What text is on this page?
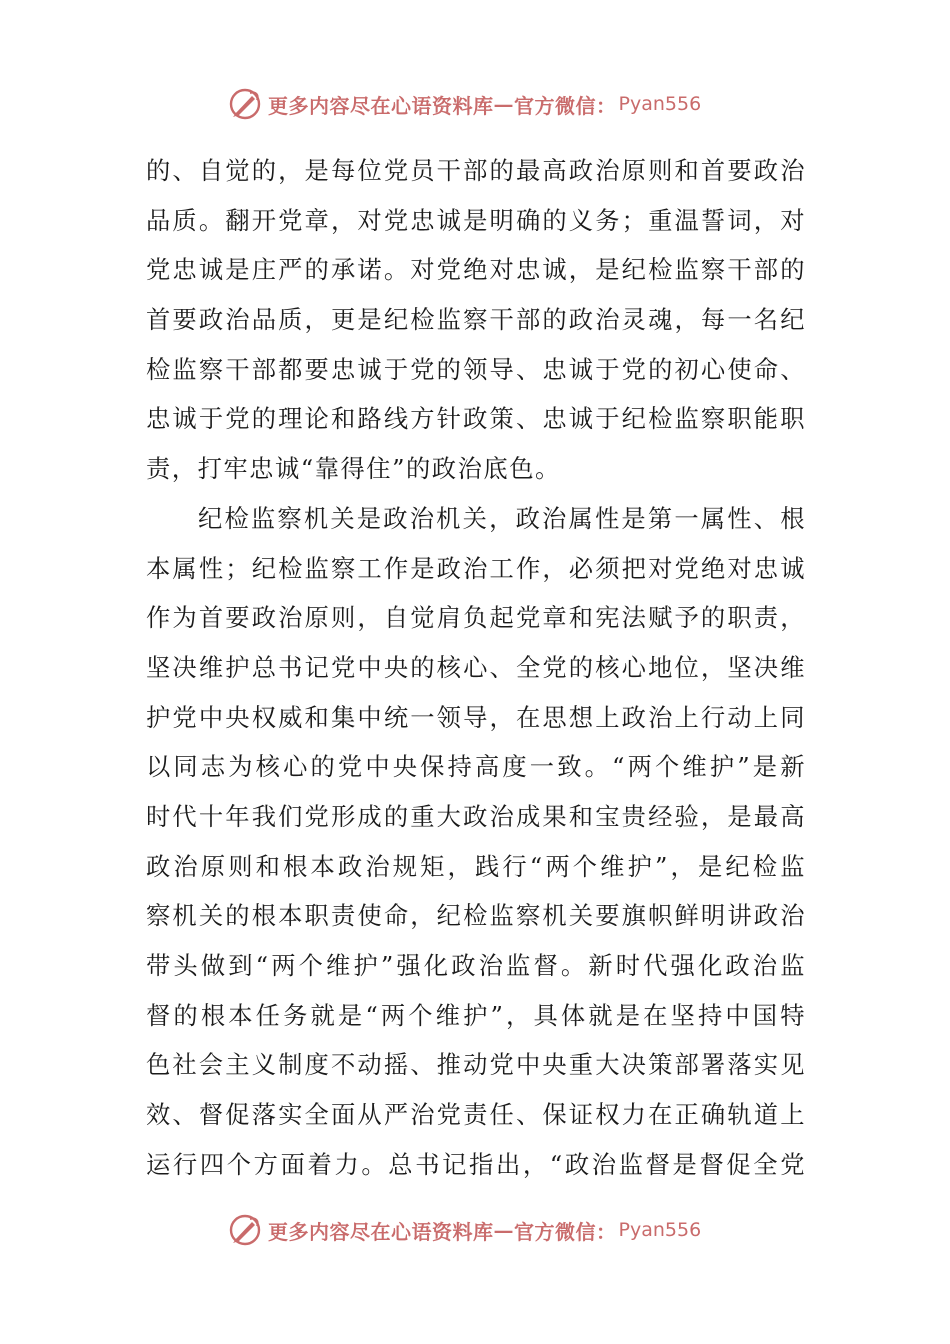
更多内容尽在心语资料库 — 官方微信： Pyan556
的、自觉的，是每位党员干部的最高政治原则和首要政治
品质。翻开党章，对党忠诚是明确的义务；重温誓词，对
党忠诚是庄严的承诺。对党绝对忠诚，是纪检监察干部的
首要政治品质，更是纪检监察干部的政治灵魂，每一名纪
检监察干部都要忠诚于党的领导、忠诚于党的初心使命、
忠诚于党的理论和路线方针政策、忠诚于纪检监察职能职
责，打牢忠诚“靠得住”的政治底色。
纪检监察机关是政治机关，政治属性是第一属性、根
本属性；纪检监察工作是政治工作，必须把对党绝对忠诚
作为首要政治原则，自觉肩负起党章和宪法赋予的职责，
坚决维护总书记党中央的核心、全党的核心地位，坚决维
护党中央权威和集中统一领导，在思想上政治上行动上同
以同志为核心的党中央保持高度一致。“两个维护”是新
时代十年我们党形成的重大政治成果和宝贵经验，是最高
政治原则和根本政治规矩，践行“两个维护”，是纪检监
察机关的根本职责使命，纪检监察机关要旗帜鲜明讲政治
带头做到“两个维护”强化政治监督。新时代强化政治监
督的根本任务就是“两个维护”，具体就是在坚持中国特
色社会主义制度不动摇、推动党中央重大决策部署落实见
效、督促落实全面从严治党责任、保证权力在正确轨道上
运行四个方面着力。总书记指出，“政治监督是督促全党
更多内容尽在心语资料库 — 官方微信： Pyan556
